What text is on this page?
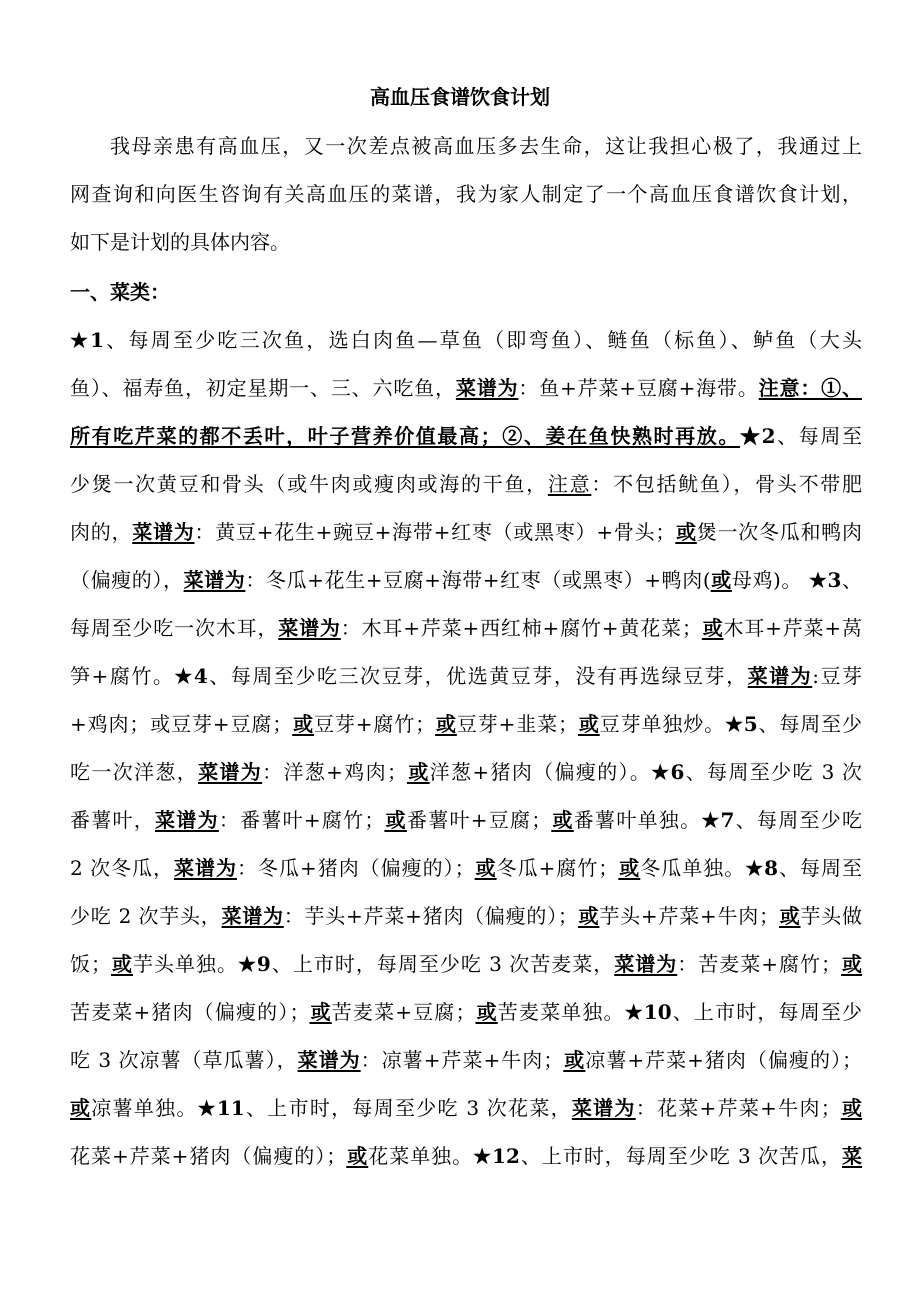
高血压食谱饮食计划
我母亲患有高血压，又一次差点被高血压多去生命，这让我担心极了，我通过上
网查询和向医生咨询有关高血压的菜谱，我为家人制定了一个高血压食谱饮食计划，
如下是计划的具体内容。
一、菜类：
★1、每周至少吃三次鱼，选白肉鱼—草鱼（即弯鱼）、鲢鱼（标鱼）、鲈鱼（大头
鱼）、福寿鱼，初定星期一、三、六吃鱼，菜谱为：鱼+芹菜+豆腐+海带。注意：①、
所有吃芹菜的都不丢叶，叶子营养价值最高；②、姜在鱼快熟时再放。★2、每周至
少煲一次黄豆和骨头（或牛肉或瘦肉或海的干鱼，注意：不包括鱿鱼），骨头不带肥
肉的，菜谱为：黄豆+花生+豌豆+海带+红枣（或黑枣）+骨头；或煲一次冬瓜和鸭肉
（偏瘦的），菜谱为：冬瓜+花生+豆腐+海带+红枣（或黑枣）+鸭肉(或母鸡)。 ★3、
每周至少吃一次木耳，菜谱为：木耳+芹菜+西红柿+腐竹+黄花菜；或木耳+芹菜+莴
笋+腐竹。★4、每周至少吃三次豆芽，优选黄豆芽，没有再选绿豆芽，菜谱为:豆芽
+鸡肉；或豆芽+豆腐；或豆芽+腐竹；或豆芽+韭菜；或豆芽单独炒。★5、每周至少
吃一次洋葱，菜谱为：洋葱+鸡肉；或洋葱+猪肉（偏瘦的）。★6、每周至少吃 3 次
番薯叶，菜谱为：番薯叶+腐竹；或番薯叶+豆腐；或番薯叶单独。★7、每周至少吃
2 次冬瓜，菜谱为：冬瓜+猪肉（偏瘦的）；或冬瓜+腐竹；或冬瓜单独。★8、每周至
少吃 2 次芋头，菜谱为：芋头+芹菜+猪肉（偏瘦的）；或芋头+芹菜+牛肉；或芋头做
饭；或芋头单独。★9、上市时，每周至少吃 3 次苦麦菜，菜谱为：苦麦菜+腐竹；或
苦麦菜+猪肉（偏瘦的）；或苦麦菜+豆腐；或苦麦菜单独。★10、上市时，每周至少
吃 3 次凉薯（草瓜薯），菜谱为：凉薯+芹菜+牛肉；或凉薯+芹菜+猪肉（偏瘦的）；
或凉薯单独。★11、上市时，每周至少吃 3 次花菜，菜谱为：花菜+芹菜+牛肉；或
花菜+芹菜+猪肉（偏瘦的）；或花菜单独。★12、上市时，每周至少吃 3 次苦瓜，菜
